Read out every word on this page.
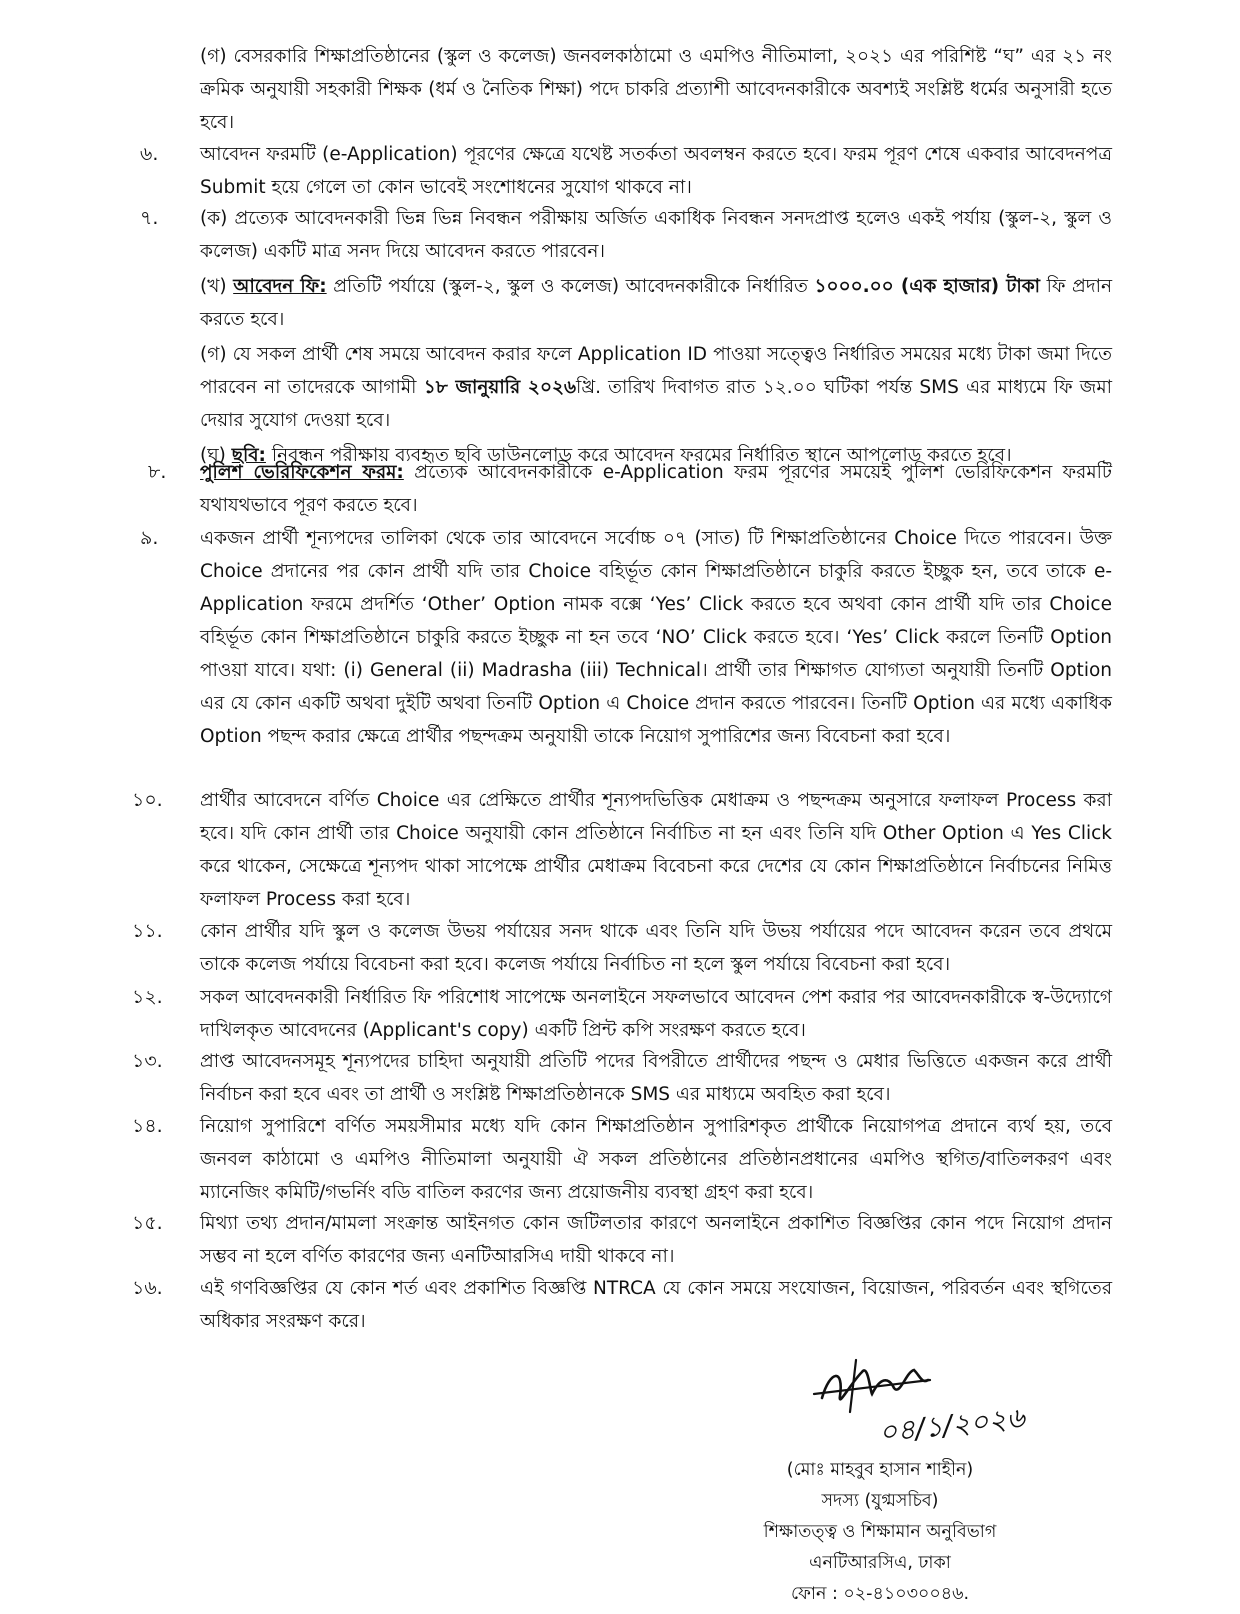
(গ) বেসরকারি শিক্ষাপ্রতিষ্ঠানের (স্কুল ও কলেজ) জনবলকাঠামো ও এমপিও নীতিমালা, ২০২১ এর পরিশিষ্ট “ঘ” এর ২১ নং ক্রমিক অনুযায়ী সহকারী শিক্ষক (ধর্ম ও নৈতিক শিক্ষা) পদে চাকরি প্রত্যাশী আবেদনকারীকে অবশ্যই সংশ্লিষ্ট ধর্মের অনুসারী হতে হবে।
৬.	আবেদন ফরমটি (e-Application) পূরণের ক্ষেত্রে যথেষ্ট সতর্কতা অবলম্বন করতে হবে। ফরম পূরণ শেষে একবার আবেদনপত্র Submit হয়ে গেলে তা কোন ভাবেই সংশোধনের সুযোগ থাকবে না।
৭.	(ক) প্রত্যেক আবেদনকারী ভিন্ন ভিন্ন নিবন্ধন পরীক্ষায় অর্জিত একাধিক নিবন্ধন সনদপ্রাপ্ত হলেও একই পর্যায় (স্কুল-২, স্কুল ও কলেজ) একটি মাত্র সনদ দিয়ে আবেদন করতে পারবেন।
(খ) আবেদন ফি: প্রতিটি পর্যায়ে (স্কুল-২, স্কুল ও কলেজ) আবেদনকারীকে নির্ধারিত ১০০০.০০ (এক হাজার) টাকা ফি প্রদান করতে হবে।
(গ) যে সকল প্রার্থী শেষ সময়ে আবেদন করার ফলে Application ID পাওয়া সত্ত্বেও নির্ধারিত সময়ের মধ্যে টাকা জমা দিতে পারবেন না তাদেরকে আগামী ১৮ জানুয়ারি ২০২৬খ্রি. তারিখ দিবাগত রাত ১২.০০ ঘটিকা পর্যন্ত SMS এর মাধ্যমে ফি জমা দেয়ার সুযোগ দেওয়া হবে।
(ঘ) ছবি: নিবন্ধন পরীক্ষায় ব্যবহৃত ছবি ডাউনলোড করে আবেদন ফরমের নির্ধারিত স্থানে আপলোড করতে হবে।
৮.	পুলিশ ভেরিফিকেশন ফরম: প্রত্যেক আবেদনকারীকে e-Application ফরম পূরণের সময়েই পুলিশ ভেরিফিকেশন ফরমটি যথাযথভাবে পূরণ করতে হবে।
৯.	একজন প্রার্থী শূন্যপদের তালিকা থেকে তার আবেদনে সর্বোচ্চ ০৭ (সাত) টি শিক্ষাপ্রতিষ্ঠানের Choice দিতে পারবেন। উক্ত Choice প্রদানের পর কোন প্রার্থী যদি তার Choice বহির্ভূত কোন শিক্ষাপ্রতিষ্ঠানে চাকুরি করতে ইচ্ছুক হন, তবে তাকে e-Application ফরমে প্রদর্শিত ‘Other’ Option নামক বক্সে ‘Yes’ Click করতে হবে অথবা কোন প্রার্থী যদি তার Choice বহির্ভূত কোন শিক্ষাপ্রতিষ্ঠানে চাকুরি করতে ইচ্ছুক না হন তবে ‘NO’ Click করতে হবে। ‘Yes’ Click করলে তিনটি Option পাওয়া যাবে। যথা: (i) General (ii) Madrasha (iii) Technical। প্রার্থী তার শিক্ষাগত যোগ্যতা অনুযায়ী তিনটি Option এর যে কোন একটি অথবা দুইটি অথবা তিনটি Option এ Choice প্রদান করতে পারবেন। তিনটি Option এর মধ্যে একাধিক Option পছন্দ করার ক্ষেত্রে প্রার্থীর পছন্দক্রম অনুযায়ী তাকে নিয়োগ সুপারিশের জন্য বিবেচনা করা হবে।
১০.	প্রার্থীর আবেদনে বর্ণিত Choice এর প্রেক্ষিতে প্রার্থীর শূন্যপদভিত্তিক মেধাক্রম ও পছন্দক্রম অনুসারে ফলাফল Process করা হবে। যদি কোন প্রার্থী তার Choice অনুযায়ী কোন প্রতিষ্ঠানে নির্বাচিত না হন এবং তিনি যদি Other Option এ Yes Click করে থাকেন, সেক্ষেত্রে শূন্যপদ থাকা সাপেক্ষে প্রার্থীর মেধাক্রম বিবেচনা করে দেশের যে কোন শিক্ষাপ্রতিষ্ঠানে নির্বাচনের নিমিত্ত ফলাফল Process করা হবে।
১১.	কোন প্রার্থীর যদি স্কুল ও কলেজ উভয় পর্যায়ের সনদ থাকে এবং তিনি যদি উভয় পর্যায়ের পদে আবেদন করেন তবে প্রথমে তাকে কলেজ পর্যায়ে বিবেচনা করা হবে। কলেজ পর্যায়ে নির্বাচিত না হলে স্কুল পর্যায়ে বিবেচনা করা হবে।
১২.	সকল আবেদনকারী নির্ধারিত ফি পরিশোধ সাপেক্ষে অনলাইনে সফলভাবে আবেদন পেশ করার পর আবেদনকারীকে স্ব-উদ্যোগে দাখিলকৃত আবেদনের (Applicant's copy) একটি প্রিন্ট কপি সংরক্ষণ করতে হবে।
১৩.	প্রাপ্ত আবেদনসমূহ শূন্যপদের চাহিদা অনুযায়ী প্রতিটি পদের বিপরীতে প্রার্থীদের পছন্দ ও মেধার ভিত্তিতে একজন করে প্রার্থী নির্বাচন করা হবে এবং তা প্রার্থী ও সংশ্লিষ্ট শিক্ষাপ্রতিষ্ঠানকে SMS এর মাধ্যমে অবহিত করা হবে।
১৪.	নিয়োগ সুপারিশে বর্ণিত সময়সীমার মধ্যে যদি কোন শিক্ষাপ্রতিষ্ঠান সুপারিশকৃত প্রার্থীকে নিয়োগপত্র প্রদানে ব্যর্থ হয়, তবে জনবল কাঠামো ও এমপিও নীতিমালা অনুযায়ী ঐ সকল প্রতিষ্ঠানের প্রতিষ্ঠানপ্রধানের এমপিও স্থগিত/বাতিলকরণ এবং ম্যানেজিং কমিটি/গভর্নিং বডি বাতিল করণের জন্য প্রয়োজনীয় ব্যবস্থা গ্রহণ করা হবে।
১৫.	মিথ্যা তথ্য প্রদান/মামলা সংক্রান্ত আইনগত কোন জটিলতার কারণে অনলাইনে প্রকাশিত বিজ্ঞপ্তির কোন পদে নিয়োগ প্রদান সম্ভব না হলে বর্ণিত কারণের জন্য এনটিআরসিএ দায়ী থাকবে না।
১৬.	এই গণবিজ্ঞপ্তির যে কোন শর্ত এবং প্রকাশিত বিজ্ঞপ্তি NTRCA যে কোন সময়ে সংযোজন, বিয়োজন, পরিবর্তন এবং স্থগিতের অধিকার সংরক্ষণ করে।
০৪/১/২০২৬
(মোঃ মাহবুব হাসান শাহীন)
সদস্য (যুগ্মসচিব)
শিক্ষাতত্ত্ব ও শিক্ষামান অনুবিভাগ
এনটিআরসিএ, ঢাকা
ফোন : ০২-৪১০৩০০৪৬.
